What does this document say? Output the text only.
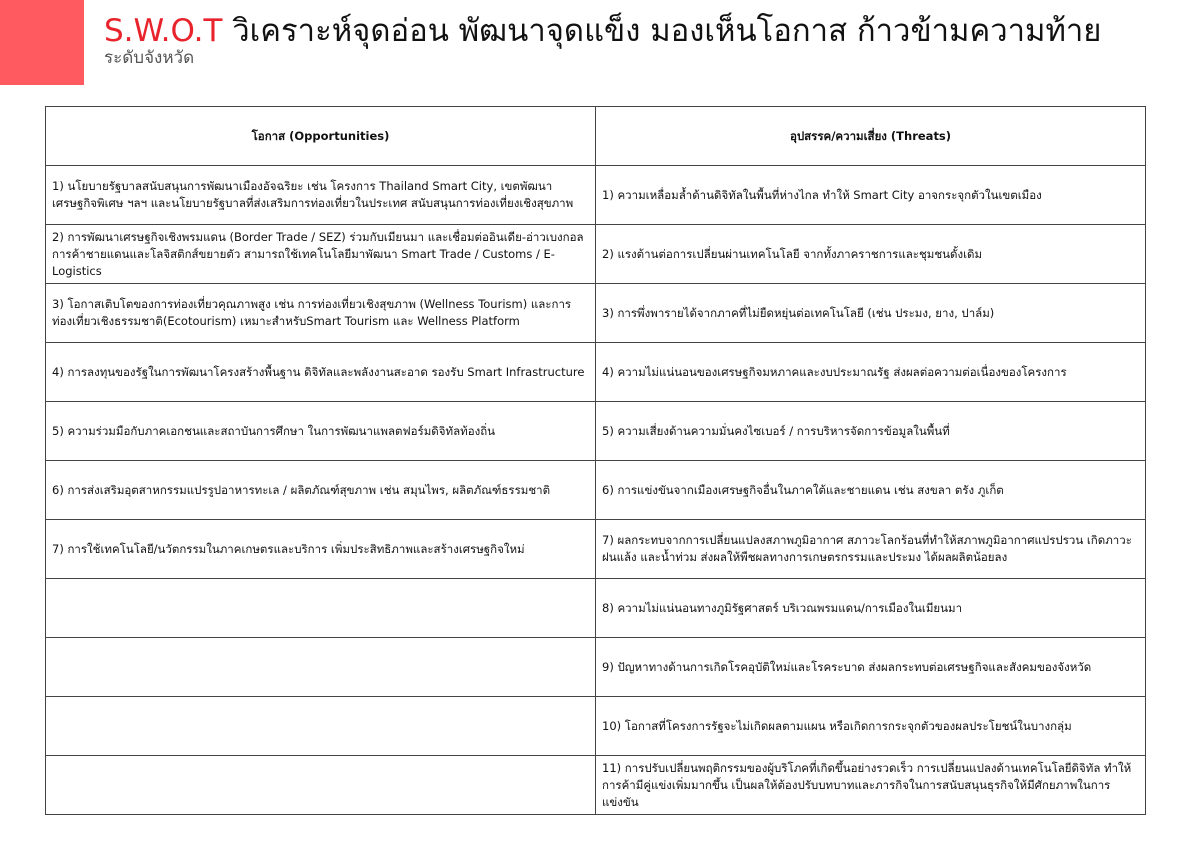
S.W.O.T วิเคราะห์จุดอ่อน พัฒนาจุดแข็ง มองเห็นโอกาส ก้าวข้ามความท้าย
ระดับจังหวัด
โอกาส (Opportunities)	อุปสรรค/ความเสี่ยง (Threats)
1) นโยบายรัฐบาลสนับสนุนการพัฒนาเมืองอัจฉริยะ เช่น โครงการ Thailand Smart City, เขตพัฒนาเศรษฐกิจพิเศษ ฯลฯ และนโยบายรัฐบาลที่ส่งเสริมการท่องเที่ยวในประเทศ สนับสนุนการท่องเที่ยงเชิงสุขภาพ	1) ความเหลื่อมล้ำด้านดิจิทัลในพื้นที่ห่างไกล ทำให้ Smart City อาจกระจุกตัวในเขตเมือง
2) การพัฒนาเศรษฐกิจเชิงพรมแดน (Border Trade / SEZ) ร่วมกับเมียนมา และเชื่อมต่ออินเดีย-อ่าวเบงกอล การค้าชายแดนและโลจิสติกส์ขยายตัว สามารถใช้เทคโนโลยีมาพัฒนา Smart Trade / Customs / E-Logistics	2) แรงต้านต่อการเปลี่ยนผ่านเทคโนโลยี จากทั้งภาคราชการและชุมชนดั้งเดิม
3) โอกาสเติบโตของการท่องเที่ยวคุณภาพสูง เช่น การท่องเที่ยวเชิงสุขภาพ (Wellness Tourism) และการท่องเที่ยวเชิงธรรมชาติ(Ecotourism) เหมาะสำหรับSmart Tourism และ Wellness Platform	3) การพึ่งพารายได้จากภาคที่ไม่ยืดหยุ่นต่อเทคโนโลยี (เช่น ประมง, ยาง, ปาล์ม)
4) การลงทุนของรัฐในการพัฒนาโครงสร้างพื้นฐาน ดิจิทัลและพลังงานสะอาด รองรับ Smart Infrastructure	4) ความไม่แน่นอนของเศรษฐกิจมหภาคและงบประมาณรัฐ ส่งผลต่อความต่อเนื่องของโครงการ
5) ความร่วมมือกับภาคเอกชนและสถาบันการศึกษา ในการพัฒนาแพลตฟอร์มดิจิทัลท้องถิ่น	5) ความเสี่ยงด้านความมั่นคงไซเบอร์ / การบริหารจัดการข้อมูลในพื้นที่
6) การส่งเสริมอุตสาหกรรมแปรรูปอาหารทะเล / ผลิตภัณฑ์สุขภาพ เช่น สมุนไพร, ผลิตภัณฑ์ธรรมชาติ	6) การแข่งขันจากเมืองเศรษฐกิจอื่นในภาคใต้และชายแดน เช่น สงขลา ตรัง ภูเก็ต
7) การใช้เทคโนโลยี/นวัตกรรมในภาคเกษตรและบริการ เพิ่มประสิทธิภาพและสร้างเศรษฐกิจใหม่	7) ผลกระทบจากการเปลี่ยนแปลงสภาพภูมิอากาศ สภาวะโลกร้อนที่ทำให้สภาพภูมิอากาศแปรปรวน เกิดภาวะฝนแล้ง และน้ำท่วม ส่งผลให้พืชผลทางการเกษตรกรรมและประมง ได้ผลผลิตน้อยลง
	8) ความไม่แน่นอนทางภูมิรัฐศาสตร์ บริเวณพรมแดน/การเมืองในเมียนมา
	9) ปัญหาทางด้านการเกิดโรคอุบัติใหม่และโรคระบาด ส่งผลกระทบต่อเศรษฐกิจและสังคมของจังหวัด
	10) โอกาสที่โครงการรัฐจะไม่เกิดผลตามแผน หรือเกิดการกระจุกตัวของผลประโยชน์ในบางกลุ่ม
	11) การปรับเปลี่ยนพฤติกรรมของผู้บริโภคที่เกิดขึ้นอย่างรวดเร็ว การเปลี่ยนแปลงด้านเทคโนโลยีดิจิทัล ทำให้การค้ามีคู่แข่งเพิ่มมากขึ้น เป็นผลให้ต้องปรับบทบาทและภารกิจในการสนับสนุนธุรกิจให้มีศักยภาพในการแข่งขัน
